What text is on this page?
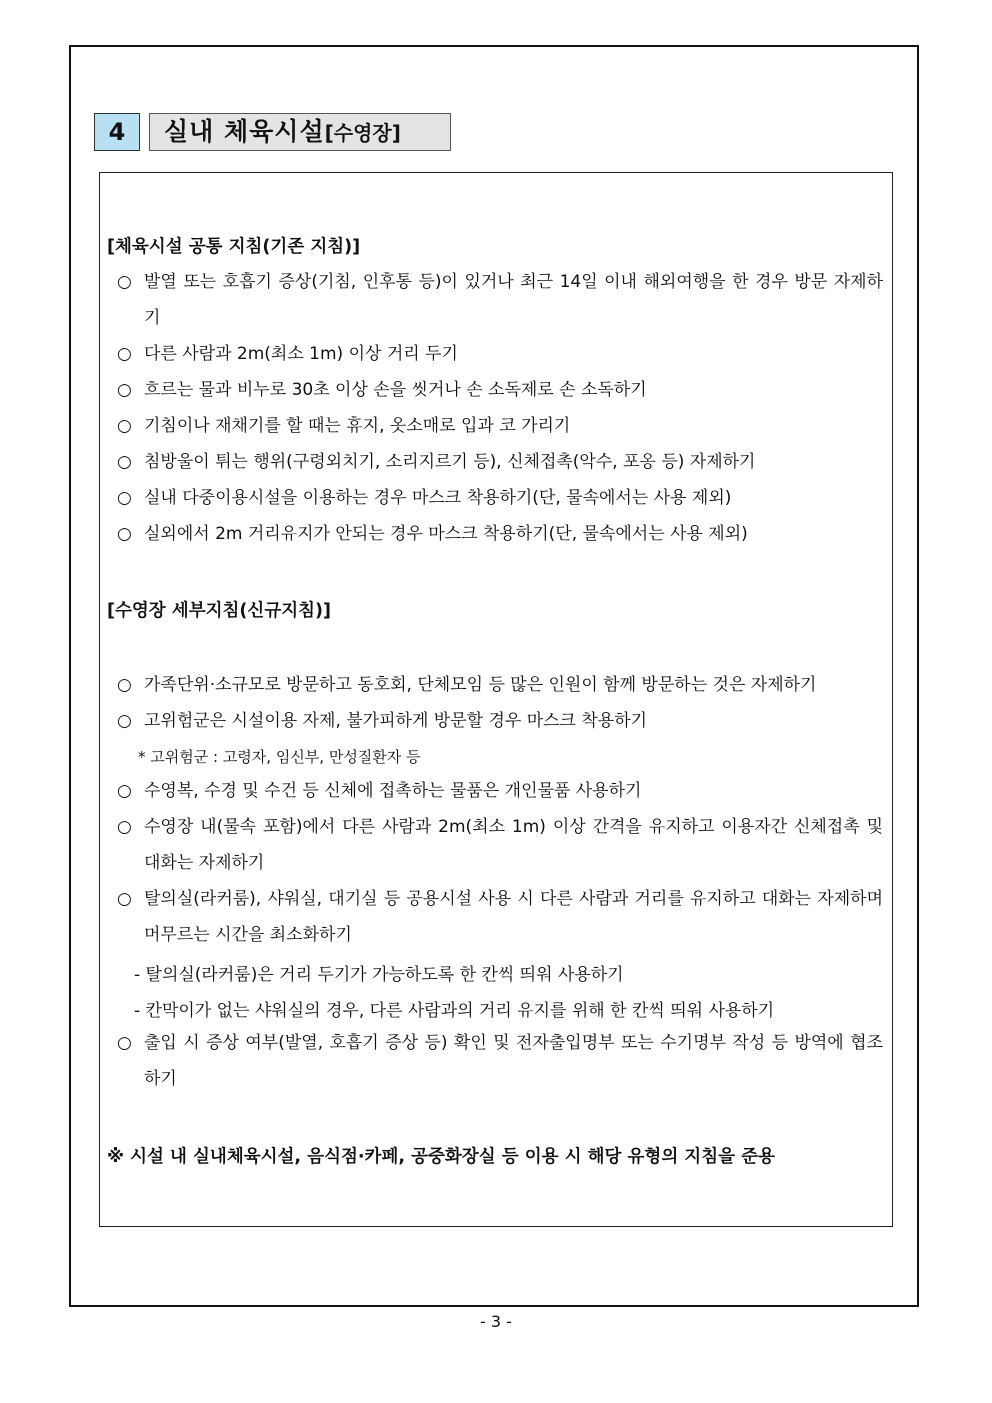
4	실내 체육시설[수영장]
[체육시설 공통 지침(기존 지침)]
○ 발열 또는 호흡기 증상(기침, 인후통 등)이 있거나 최근 14일 이내 해외여행을 한 경우 방문 자제하기
○ 다른 사람과 2m(최소 1m) 이상 거리 두기
○ 흐르는 물과 비누로 30초 이상 손을 씻거나 손 소독제로 손 소독하기
○ 기침이나 재채기를 할 때는 휴지, 옷소매로 입과 코 가리기
○ 침방울이 튀는 행위(구령외치기, 소리지르기 등), 신체접촉(악수, 포옹 등) 자제하기
○ 실내 다중이용시설을 이용하는 경우 마스크 착용하기(단, 물속에서는 사용 제외)
○ 실외에서 2m 거리유지가 안되는 경우 마스크 착용하기(단, 물속에서는 사용 제외)
[수영장 세부지침(신규지침)]
○ 가족단위·소규모로 방문하고 동호회, 단체모임 등 많은 인원이 함께 방문하는 것은 자제하기
○ 고위험군은 시설이용 자제, 불가피하게 방문할 경우 마스크 착용하기
* 고위험군 : 고령자, 임신부, 만성질환자 등
○ 수영복, 수경 및 수건 등 신체에 접촉하는 물품은 개인물품 사용하기
○ 수영장 내(물속 포함)에서 다른 사람과 2m(최소 1m) 이상 간격을 유지하고 이용자간 신체접촉 및 대화는 자제하기
○ 탈의실(라커룸), 샤워실, 대기실 등 공용시설 사용 시 다른 사람과 거리를 유지하고 대화는 자제하며 머무르는 시간을 최소화하기
- 탈의실(라커룸)은 거리 두기가 가능하도록 한 칸씩 띄워 사용하기
- 칸막이가 없는 샤워실의 경우, 다른 사람과의 거리 유지를 위해 한 칸씩 띄워 사용하기
○ 출입 시 증상 여부(발열, 호흡기 증상 등) 확인 및 전자출입명부 또는 수기명부 작성 등 방역에 협조하기
※ 시설 내 실내체육시설, 음식점·카페, 공중화장실 등 이용 시 해당 유형의 지침을 준용
- 3 -
